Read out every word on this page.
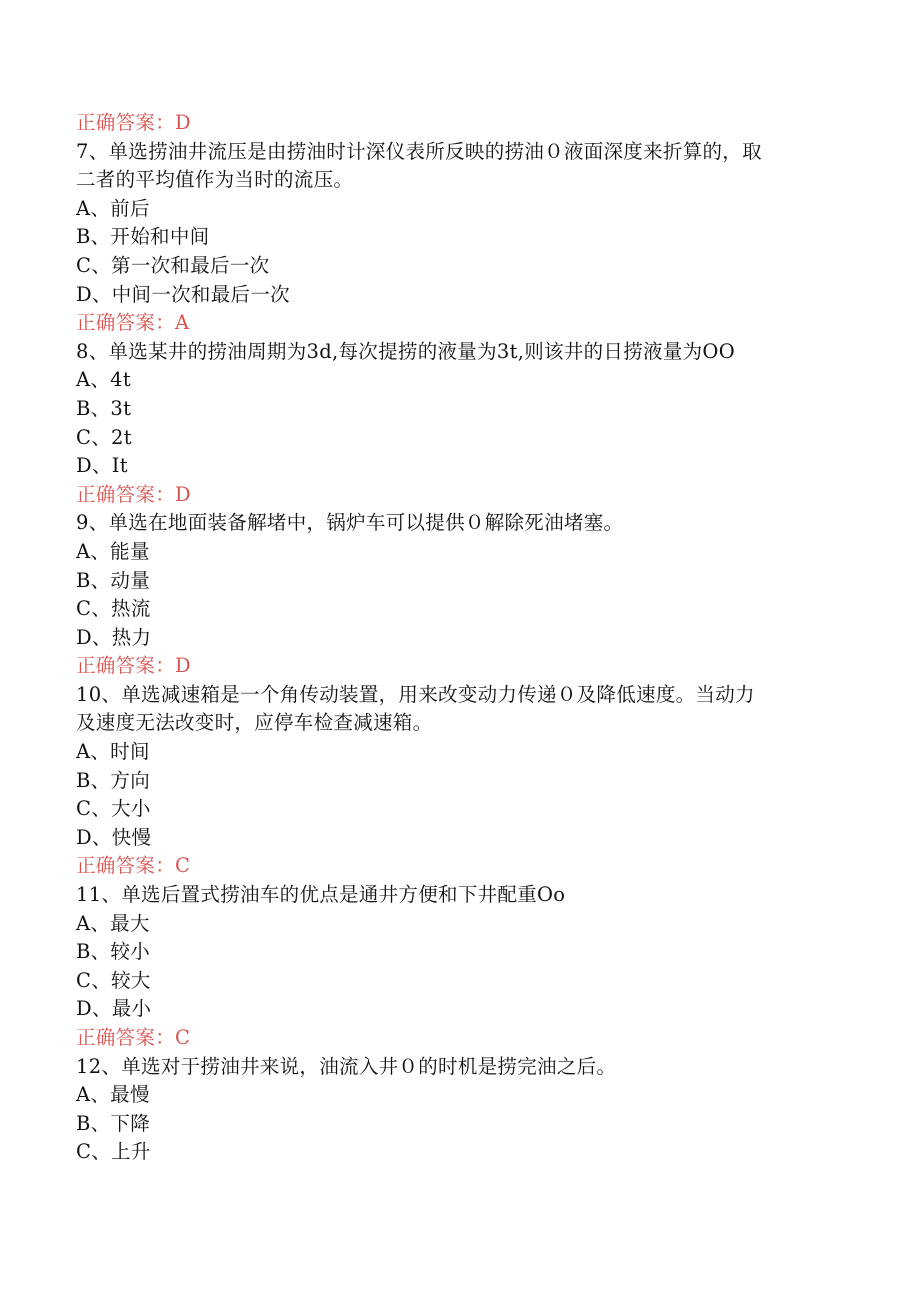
正确答案：D
7、单选捞油井流压是由捞油时计深仪表所反映的捞油０液面深度来折算的，取
二者的平均值作为当时的流压。
A、前后
B、开始和中间
C、第一次和最后一次
D、中间一次和最后一次
正确答案：A
8、单选某井的捞油周期为3d,每次提捞的液量为3t,则该井的日捞液量为OO
A、4t
B、3t
C、2t
D、It
正确答案：D
9、单选在地面装备解堵中，锅炉车可以提供０解除死油堵塞。
A、能量
B、动量
C、热流
D、热力
正确答案：D
10、单选减速箱是一个角传动装置，用来改变动力传递０及降低速度。当动力
及速度无法改变时，应停车检查减速箱。
A、时间
B、方向
C、大小
D、快慢
正确答案：C
11、单选后置式捞油车的优点是通井方便和下井配重Oo
A、最大
B、较小
C、较大
D、最小
正确答案：C
12、单选对于捞油井来说，油流入井０的时机是捞完油之后。
A、最慢
B、下降
C、上升
